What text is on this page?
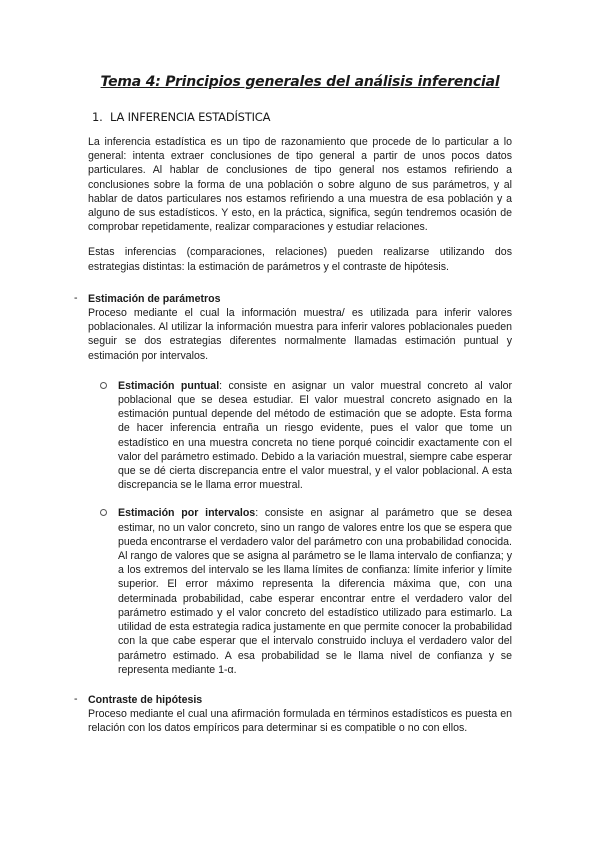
Tema 4: Principios generales del análisis inferencial
1. LA INFERENCIA ESTADÍSTICA

La inferencia estadística es un tipo de razonamiento que procede de lo particular a lo general: intenta extraer conclusiones de tipo general a partir de unos pocos datos particulares. Al hablar de conclusiones de tipo general nos estamos refiriendo a conclusiones sobre la forma de una población o sobre alguno de sus parámetros, y al hablar de datos particulares nos estamos refiriendo a una muestra de esa población y a alguno de sus estadísticos. Y esto, en la práctica, significa, según tendremos ocasión de comprobar repetidamente, realizar comparaciones y estudiar relaciones.

Estas inferencias (comparaciones, relaciones) pueden realizarse utilizando dos estrategias distintas: la estimación de parámetros y el contraste de hipótesis.

- Estimación de parámetros

Proceso mediante el cual la información muestra/ es utilizada para inferir valores poblacionales. Al utilizar la información muestra para inferir valores poblacionales pueden seguir se dos estrategias diferentes normalmente llamadas estimación puntual y estimación por intervalos.

Estimación puntual: consiste en asignar un valor muestral concreto al valor poblacional que se desea estudiar. El valor muestral concreto asignado en la estimación puntual depende del método de estimación que se adopte. Esta forma de hacer inferencia entraña un riesgo evidente, pues el valor que tome un estadístico en una muestra concreta no tiene porqué coincidir exactamente con el valor del parámetro estimado. Debido a la variación muestral, siempre cabe esperar que se dé cierta discrepancia entre el valor muestral, y el valor poblacional. A esta discrepancia se le llama error muestral.

Estimación por intervalos: consiste en asignar al parámetro que se desea estimar, no un valor concreto, sino un rango de valores entre los que se espera que pueda encontrarse el verdadero valor del parámetro con una probabilidad conocida. Al rango de valores que se asigna al parámetro se le llama intervalo de confianza; y a los extremos del intervalo se les llama límites de confianza: límite inferior y límite superior. El error máximo representa la diferencia máxima que, con una determinada probabilidad, cabe esperar encontrar entre el verdadero valor del parámetro estimado y el valor concreto del estadístico utilizado para estimarlo. La utilidad de esta estrategia radica justamente en que permite conocer la probabilidad con la que cabe esperar que el intervalo construido incluya el verdadero valor del parámetro estimado. A esa probabilidad se le llama nivel de confianza y se representa mediante 1-α.

- Contraste de hipótesis

Proceso mediante el cual una afirmación formulada en términos estadísticos es puesta en relación con los datos empíricos para determinar si es compatible o no con ellos.
